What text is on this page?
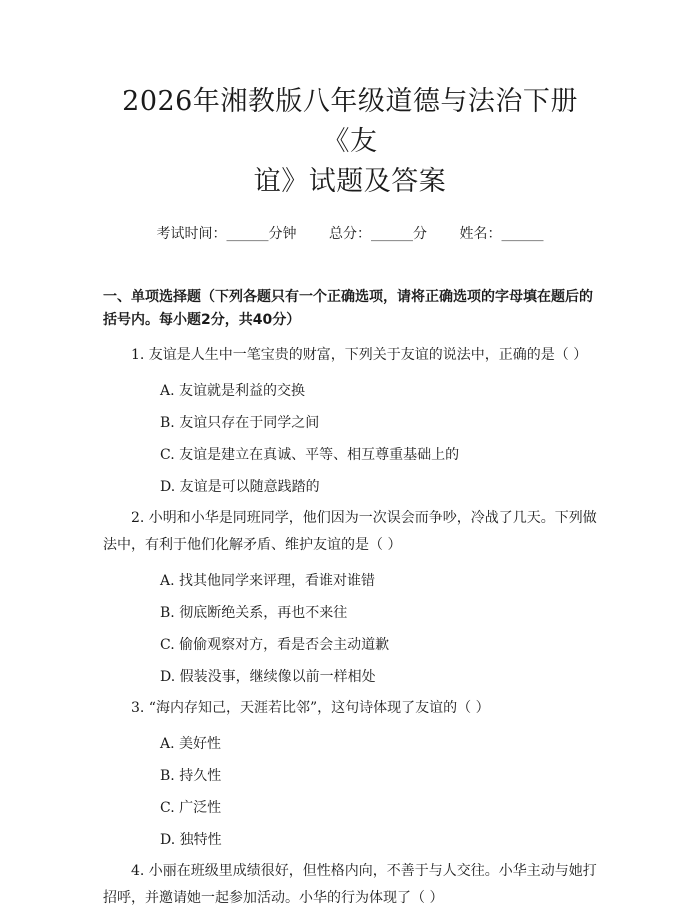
2026年湘教版八年级道德与法治下册《友
谊》试题及答案
考试时间：______分钟 总分：______分 姓名：______
一、单项选择题（下列各题只有一个正确选项，请将正确选项的字母填在题后的括号内。每小题2分，共40分）

1. 友谊是人生中一笔宝贵的财富，下列关于友谊的说法中，正确的是（ ）

A. 友谊就是利益的交换
B. 友谊只存在于同学之间
C. 友谊是建立在真诚、平等、相互尊重基础上的
D. 友谊是可以随意践踏的

2. 小明和小华是同班同学，他们因为一次误会而争吵，冷战了几天。下列做法中，有利于他们化解矛盾、维护友谊的是（ ）

A. 找其他同学来评理，看谁对谁错
B. 彻底断绝关系，再也不来往
C. 偷偷观察对方，看是否会主动道歉
D. 假装没事，继续像以前一样相处

3. “海内存知己，天涯若比邻”，这句诗体现了友谊的（ ）

A. 美好性
B. 持久性
C. 广泛性
D. 独特性

4. 小丽在班级里成绩很好，但性格内向，不善于与人交往。小华主动与她打招呼，并邀请她一起参加活动。小华的行为体现了（ ）
